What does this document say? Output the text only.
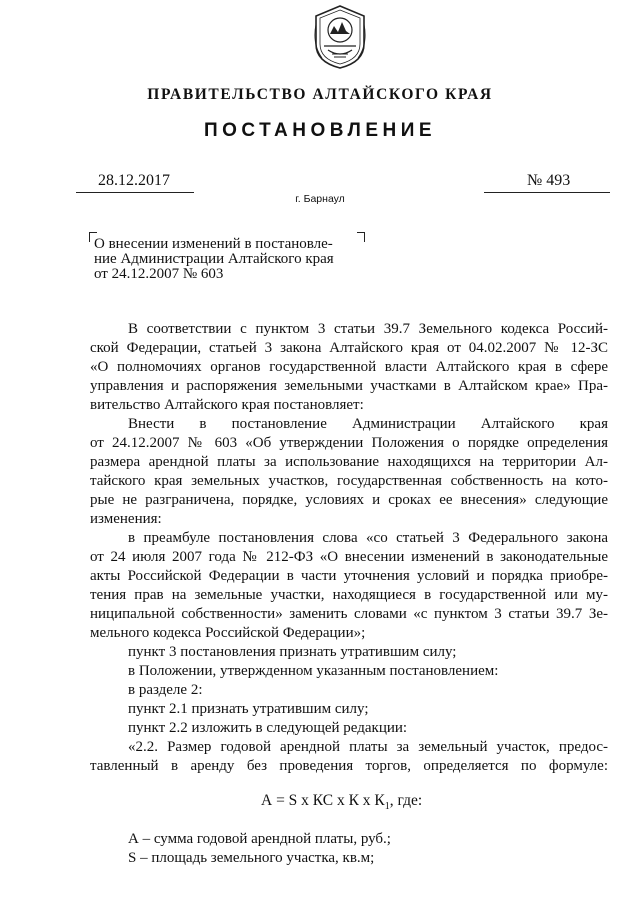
ПРАВИТЕЛЬСТВО АЛТАЙСКОГО КРАЯ
ПОСТАНОВЛЕНИЕ
28.12.2017	№ 493
г. Барнаул
О внесении изменений в постановле-
ние Администрации Алтайского края
от 24.12.2007 № 603
В соответствии с пунктом 3 статьи 39.7 Земельного кодекса Россий-
ской Федерации, статьей 3 закона Алтайского края от 04.02.2007 № 12-ЗС
«О полномочиях органов государственной власти Алтайского края в сфере
управления и распоряжения земельными участками в Алтайском крае» Пра-
вительство Алтайского края постановляет:
Внести в постановление Администрации Алтайского края
от 24.12.2007 № 603 «Об утверждении Положения о порядке определения
размера арендной платы за использование находящихся на территории Ал-
тайского края земельных участков, государственная собственность на кото-
рые не разграничена, порядке, условиях и сроках ее внесения» следующие
изменения:
в преамбуле постановления слова «со статьей 3 Федерального закона
от 24 июля 2007 года № 212-ФЗ «О внесении изменений в законодательные
акты Российской Федерации в части уточнения условий и порядка приобре-
тения прав на земельные участки, находящиеся в государственной или му-
ниципальной собственности» заменить словами «с пунктом 3 статьи 39.7 Зе-
мельного кодекса Российской Федерации»;
пункт 3 постановления признать утратившим силу;
в Положении, утвержденном указанным постановлением:
в разделе 2:
пункт 2.1 признать утратившим силу;
пункт 2.2 изложить в следующей редакции:
«2.2. Размер годовой арендной платы за земельный участок, предос-
тавленный в аренду без проведения торгов, определяется по формуле:
А = S x КС x К x $К_1$, где:
А – сумма годовой арендной платы, руб.;
S – площадь земельного участка, кв.м;
